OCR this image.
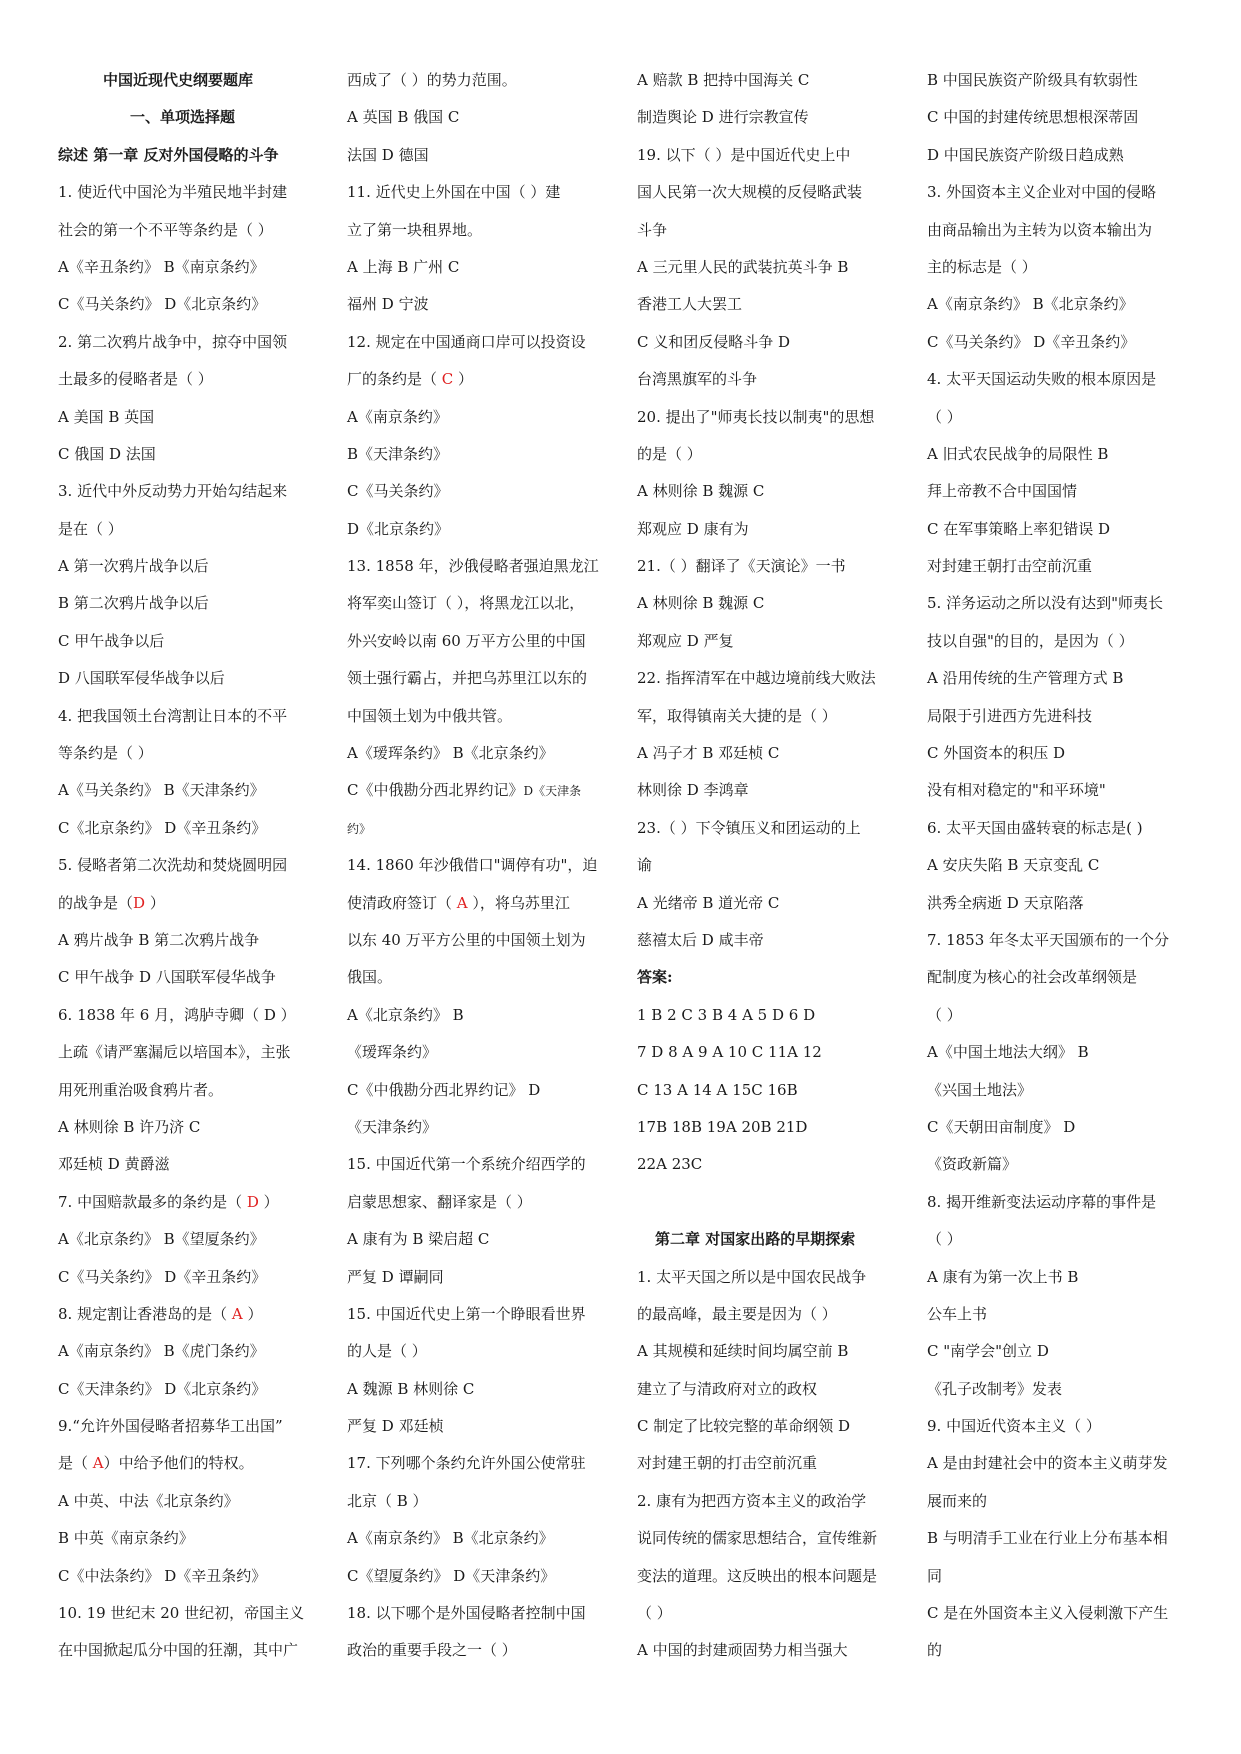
中国近现代史纲要题库
一、单项选择题
综述 第一章 反对外国侵略的斗争
1. 使近代中国沦为半殖民地半封建
社会的第一个不平等条约是（ ）
A《辛丑条约》 B《南京条约》
C《马关条约》 D《北京条约》
2. 第二次鸦片战争中，掠夺中国领
土最多的侵略者是（ ）
A 美国 B 英国
C 俄国 D 法国
3. 近代中外反动势力开始勾结起来
是在（ ）
A 第一次鸦片战争以后
B 第二次鸦片战争以后
C 甲午战争以后
D 八国联军侵华战争以后
4. 把我国领土台湾割让日本的不平
等条约是（ ）
A《马关条约》 B《天津条约》
C《北京条约》 D《辛丑条约》
5. 侵略者第二次洗劫和焚烧圆明园
的战争是（D ）
A 鸦片战争 B 第二次鸦片战争
C 甲午战争 D 八国联军侵华战争
6. 1838 年 6 月，鸿胪寺卿（ D ）
上疏《请严塞漏卮以培国本》，主张
用死刑重治吸食鸦片者。
A 林则徐 B 许乃济 C
邓廷桢 D 黄爵滋
7. 中国赔款最多的条约是（ D ）
A《北京条约》 B《望厦条约》
C《马关条约》 D《辛丑条约》
8. 规定割让香港岛的是（ A ）
A《南京条约》 B《虎门条约》
C《天津条约》 D《北京条约》
9.“允许外国侵略者招募华工出国”
是（ A）中给予他们的特权。
A 中英、中法《北京条约》
B 中英《南京条约》
C《中法条约》 D《辛丑条约》
10. 19 世纪末 20 世纪初，帝国主义
在中国掀起瓜分中国的狂潮，其中广
西成了（ ）的势力范围。
A 英国 B 俄国 C
法国 D 德国
11. 近代史上外国在中国（ ）建
立了第一块租界地。
A 上海 B 广州 C
福州 D 宁波
12. 规定在中国通商口岸可以投资设
厂的条约是（ C ）
A《南京条约》
B《天津条约》
C《马关条约》
D《北京条约》
13. 1858 年，沙俄侵略者强迫黑龙江
将军奕山签订（ ），将黑龙江以北，
外兴安岭以南 60 万平方公里的中国
领土强行霸占，并把乌苏里江以东的
中国领土划为中俄共管。
A《瑷珲条约》 B《北京条约》
C《中俄勘分西北界约记》D《天津条
约》
14. 1860 年沙俄借口"调停有功"，迫
使清政府签订（ A ），将乌苏里江
以东 40 万平方公里的中国领土划为
俄国。
A《北京条约》 B
《瑷珲条约》
C《中俄勘分西北界约记》 D
《天津条约》
15. 中国近代第一个系统介绍西学的
启蒙思想家、翻译家是（ ）
A 康有为 B 梁启超 C
严复 D 谭嗣同
15. 中国近代史上第一个睁眼看世界
的人是（ ）
A 魏源 B 林则徐 C
严复 D 邓廷桢
17. 下列哪个条约允许外国公使常驻
北京（ B ）
A《南京条约》 B《北京条约》
C《望厦条约》 D《天津条约》
18. 以下哪个是外国侵略者控制中国
政治的重要手段之一（ ）
A 赔款 B 把持中国海关 C
制造舆论 D 进行宗教宣传
19. 以下（ ）是中国近代史上中
国人民第一次大规模的反侵略武装
斗争
A 三元里人民的武装抗英斗争 B
香港工人大罢工
C 义和团反侵略斗争 D
台湾黑旗军的斗争
20. 提出了"师夷长技以制夷"的思想
的是（ ）
A 林则徐 B 魏源 C
郑观应 D 康有为
21.（ ）翻译了《天演论》一书
A 林则徐 B 魏源 C
郑观应 D 严复
22. 指挥清军在中越边境前线大败法
军，取得镇南关大捷的是（ ）
A 冯子才 B 邓廷桢 C
林则徐 D 李鸿章
23.（ ）下令镇压义和团运动的上
谕
A 光绪帝 B 道光帝 C
慈禧太后 D 咸丰帝
答案:
1 B 2 C 3 B 4 A 5 D 6 D
7 D 8 A 9 A 10 C 11A 12
C 13 A 14 A 15C 16B
17B 18B 19A 20B 21D
22A 23C
第二章 对国家出路的早期探索
1. 太平天国之所以是中国农民战争
的最高峰，最主要是因为（ ）
A 其规模和延续时间均属空前 B
建立了与清政府对立的政权
C 制定了比较完整的革命纲领 D
对封建王朝的打击空前沉重
2. 康有为把西方资本主义的政治学
说同传统的儒家思想结合，宣传维新
变法的道理。这反映出的根本问题是
（ ）
A 中国的封建顽固势力相当强大
B 中国民族资产阶级具有软弱性
C 中国的封建传统思想根深蒂固
D 中国民族资产阶级日趋成熟
3. 外国资本主义企业对中国的侵略
由商品输出为主转为以资本输出为
主的标志是（ ）
A《南京条约》 B《北京条约》
C《马关条约》 D《辛丑条约》
4. 太平天国运动失败的根本原因是
（ ）
A 旧式农民战争的局限性 B
拜上帝教不合中国国情
C 在军事策略上率犯错误 D
对封建王朝打击空前沉重
5. 洋务运动之所以没有达到"师夷长
技以自强"的目的，是因为（ ）
A 沿用传统的生产管理方式 B
局限于引进西方先进科技
C 外国资本的积压 D
没有相对稳定的"和平环境"
6. 太平天国由盛转衰的标志是( )
A 安庆失陷 B 天京变乱 C
洪秀全病逝 D 天京陷落
7. 1853 年冬太平天国颁布的一个分
配制度为核心的社会改革纲领是
（ ）
A《中国土地法大纲》 B
《兴国土地法》
C《天朝田亩制度》 D
《资政新篇》
8. 揭开维新变法运动序幕的事件是
（ ）
A 康有为第一次上书 B
公车上书
C "南学会"创立 D
《孔子改制考》发表
9. 中国近代资本主义（ ）
A 是由封建社会中的资本主义萌芽发
展而来的
B 与明清手工业在行业上分布基本相
同
C 是在外国资本主义入侵刺激下产生
的
